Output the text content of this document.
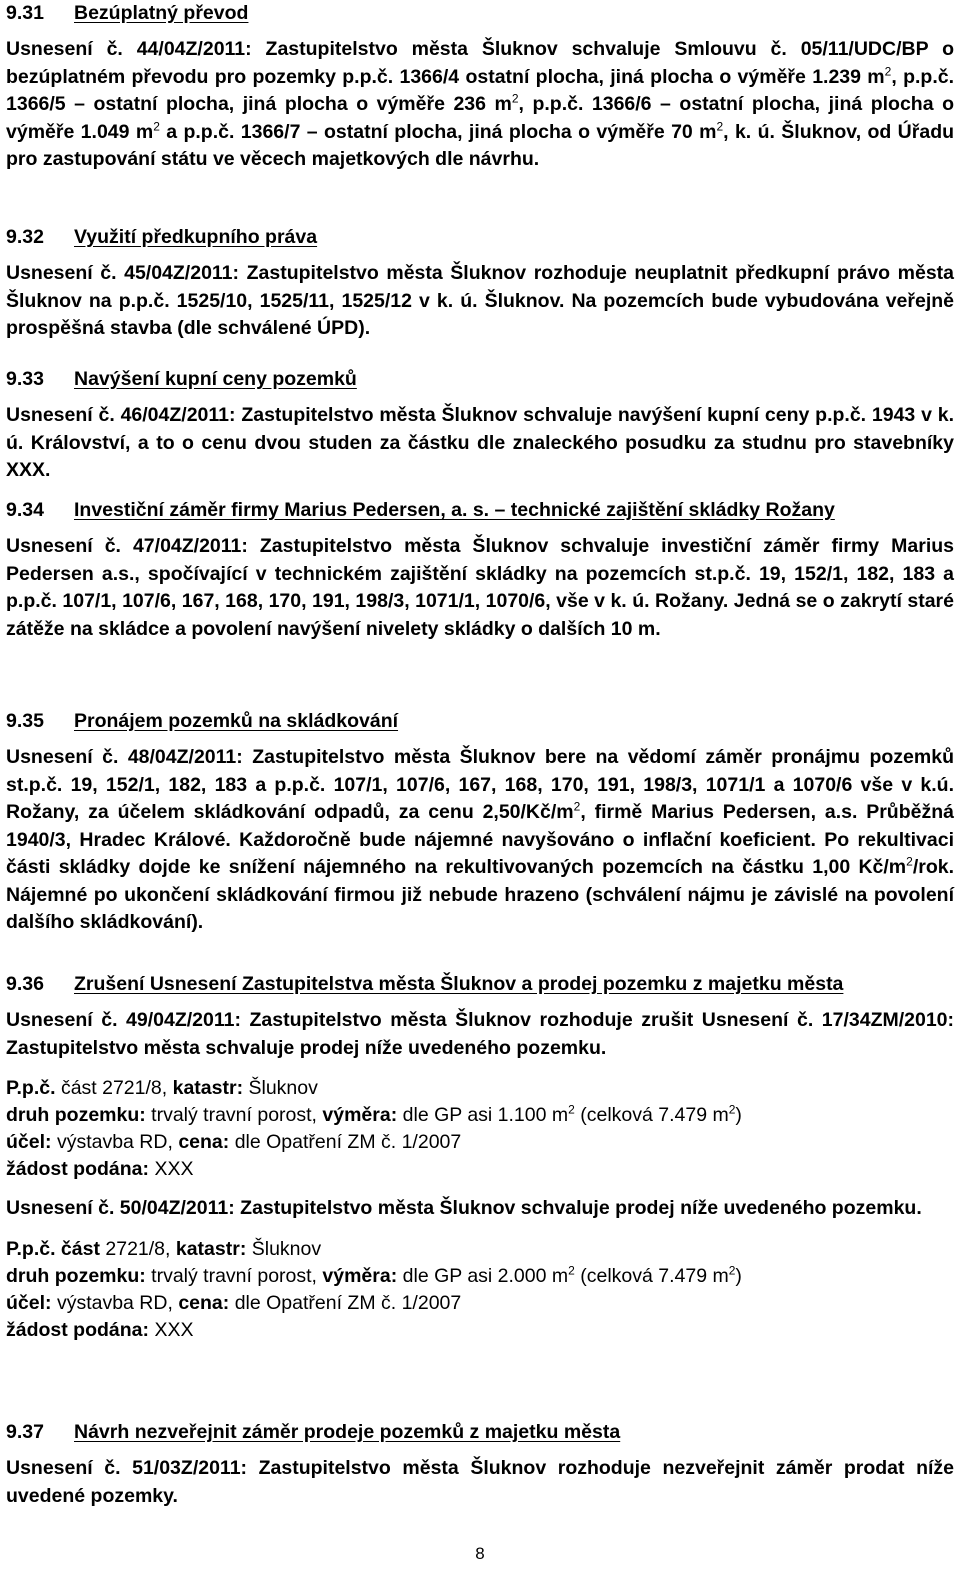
9.31	Bezúplatný převod

Usnesení č. 44/04Z/2011: Zastupitelstvo města Šluknov schvaluje Smlouvu č. 05/11/UDC/BP o bezúplatném převodu pro pozemky p.p.č. 1366/4 ostatní plocha, jiná plocha o výměře 1.239 $m^2$, p.p.č. 1366/5 – ostatní plocha, jiná plocha o výměře 236 $m^2$, p.p.č. 1366/6 – ostatní plocha, jiná plocha o výměře 1.049 $m^2$ a p.p.č. 1366/7 – ostatní plocha, jiná plocha o výměře 70 $m^2$, k. ú. Šluknov, od Úřadu pro zastupování státu ve věcech majetkových dle návrhu.

9.32	Využití předkupního práva

Usnesení č. 45/04Z/2011: Zastupitelstvo města Šluknov rozhoduje neuplatnit předkupní právo města Šluknov na p.p.č. 1525/10, 1525/11, 1525/12 v k. ú. Šluknov. Na pozemcích bude vybudována veřejně prospěšná stavba (dle schválené ÚPD).

9.33	Navýšení kupní ceny pozemků

Usnesení č. 46/04Z/2011: Zastupitelstvo města Šluknov schvaluje navýšení kupní ceny p.p.č. 1943 v k. ú. Království, a to o cenu dvou studen za částku dle znaleckého posudku za studnu pro stavebníky XXX.

9.34	Investiční záměr firmy Marius Pedersen, a. s. – technické zajištění skládky Rožany

Usnesení č. 47/04Z/2011: Zastupitelstvo města Šluknov schvaluje investiční záměr firmy Marius Pedersen a.s., spočívající v technickém zajištění skládky na pozemcích st.p.č. 19, 152/1, 182, 183 a p.p.č. 107/1, 107/6, 167, 168, 170, 191, 198/3, 1071/1, 1070/6, vše v k. ú. Rožany. Jedná se o zakrytí staré zátěže na skládce a povolení navýšení nivelety skládky o dalších 10 m.

9.35	Pronájem pozemků na skládkování

Usnesení č. 48/04Z/2011: Zastupitelstvo města Šluknov bere na vědomí záměr pronájmu pozemků st.p.č. 19, 152/1, 182, 183 a p.p.č. 107/1, 107/6, 167, 168, 170, 191, 198/3, 1071/1 a 1070/6 vše v k.ú. Rožany, za účelem skládkování odpadů, za cenu $2,50/Kč/m^2$, firmě Marius Pedersen, a.s. Průběžná 1940/3, Hradec Králové. Každoročně bude nájemné navyšováno o inflační koeficient. Po rekultivaci části skládky dojde ke snížení nájemného na rekultivovaných pozemcích na částku 1,00 $Kč/m^2$/rok. Nájemné po ukončení skládkování firmou již nebude hrazeno (schválení nájmu je závislé na povolení dalšího skládkování).

9.36	Zrušení Usnesení Zastupitelstva města Šluknov a prodej pozemku z majetku města

Usnesení č. 49/04Z/2011: Zastupitelstvo města Šluknov rozhoduje zrušit Usnesení č. 17/34ZM/2010: Zastupitelstvo města schvaluje prodej níže uvedeného pozemku.

P.p.č. část 2721/8, katastr: Šluknov
druh pozemku: trvalý travní porost, výměra: dle GP asi 1.100 $m^2$ (celková 7.479 $m^2$)
účel: výstavba RD, cena: dle Opatření ZM č. 1/2007
žádost podána: XXX

Usnesení č. 50/04Z/2011: Zastupitelstvo města Šluknov schvaluje prodej níže uvedeného pozemku.

P.p.č. část 2721/8, katastr: Šluknov
druh pozemku: trvalý travní porost, výměra: dle GP asi 2.000 $m^2$ (celková 7.479 $m^2$)
účel: výstavba RD, cena: dle Opatření ZM č. 1/2007
žádost podána: XXX
9.37	Návrh nezveřejnit záměr prodeje pozemků z majetku města

Usnesení č. 51/03Z/2011: Zastupitelstvo města Šluknov rozhoduje nezveřejnit záměr prodat níže uvedené pozemky.

8
